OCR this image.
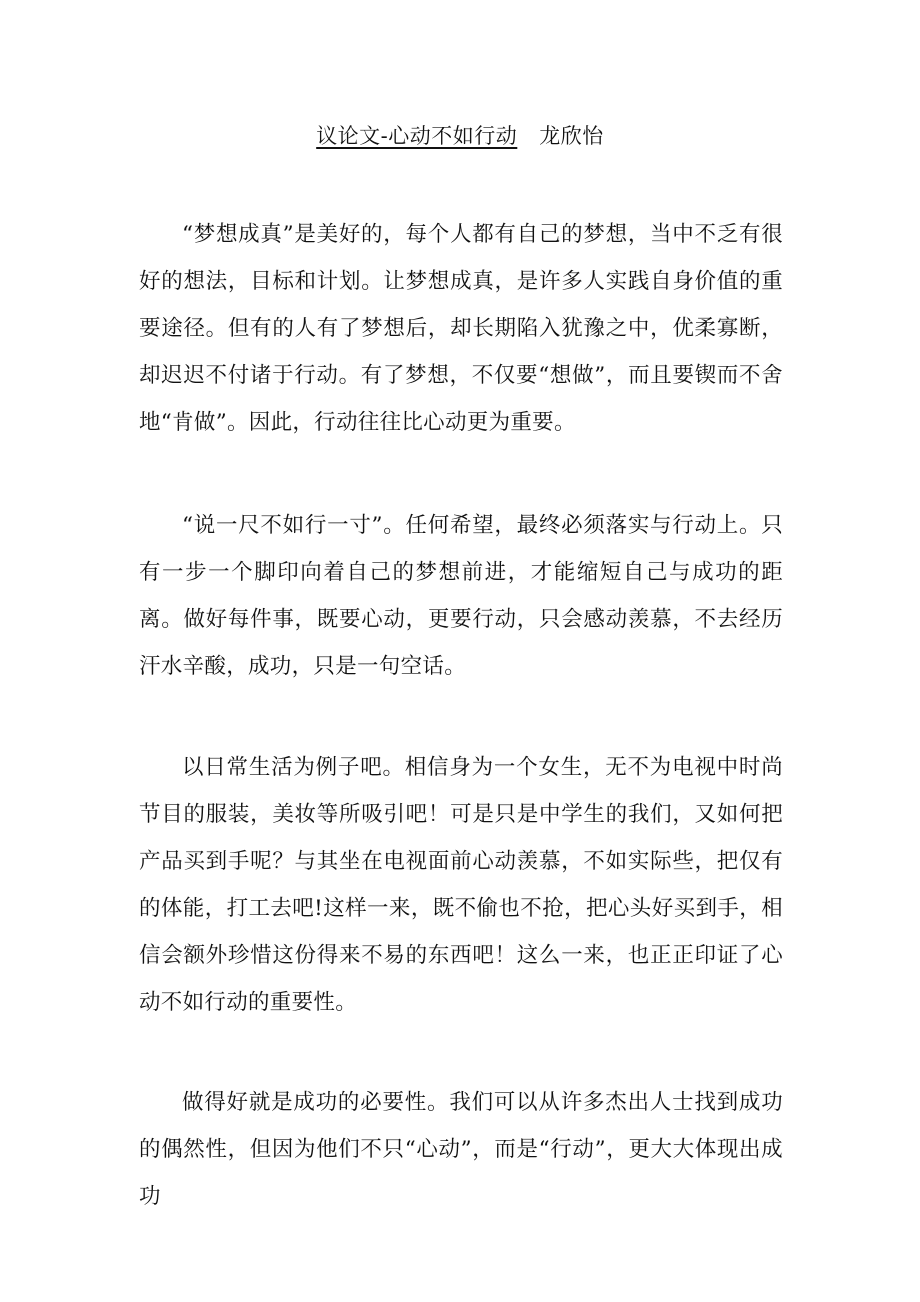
议论文-心动不如行动 龙欣怡

“梦想成真”是美好的，每个人都有自己的梦想，当中不乏有很好的想法，目标和计划。让梦想成真，是许多人实践自身价值的重要途径。但有的人有了梦想后，却长期陷入犹豫之中，优柔寡断，却迟迟不付诸于行动。有了梦想，不仅要“想做”，而且要锲而不舍地“肯做”。因此，行动往往比心动更为重要。

“说一尺不如行一寸”。任何希望，最终必须落实与行动上。只有一步一个脚印向着自己的梦想前进，才能缩短自己与成功的距离。做好每件事，既要心动，更要行动，只会感动羡慕，不去经历汗水辛酸，成功，只是一句空话。

以日常生活为例子吧。相信身为一个女生，无不为电视中时尚节目的服装，美妆等所吸引吧！可是只是中学生的我们，又如何把产品买到手呢？与其坐在电视面前心动羡慕，不如实际些，把仅有的体能，打工去吧!这样一来，既不偷也不抢，把心头好买到手，相信会额外珍惜这份得来不易的东西吧！这么一来，也正正印证了心动不如行动的重要性。

做得好就是成功的必要性。我们可以从许多杰出人士找到成功的偶然性，但因为他们不只“心动”，而是“行动”，更大大体现出成功
